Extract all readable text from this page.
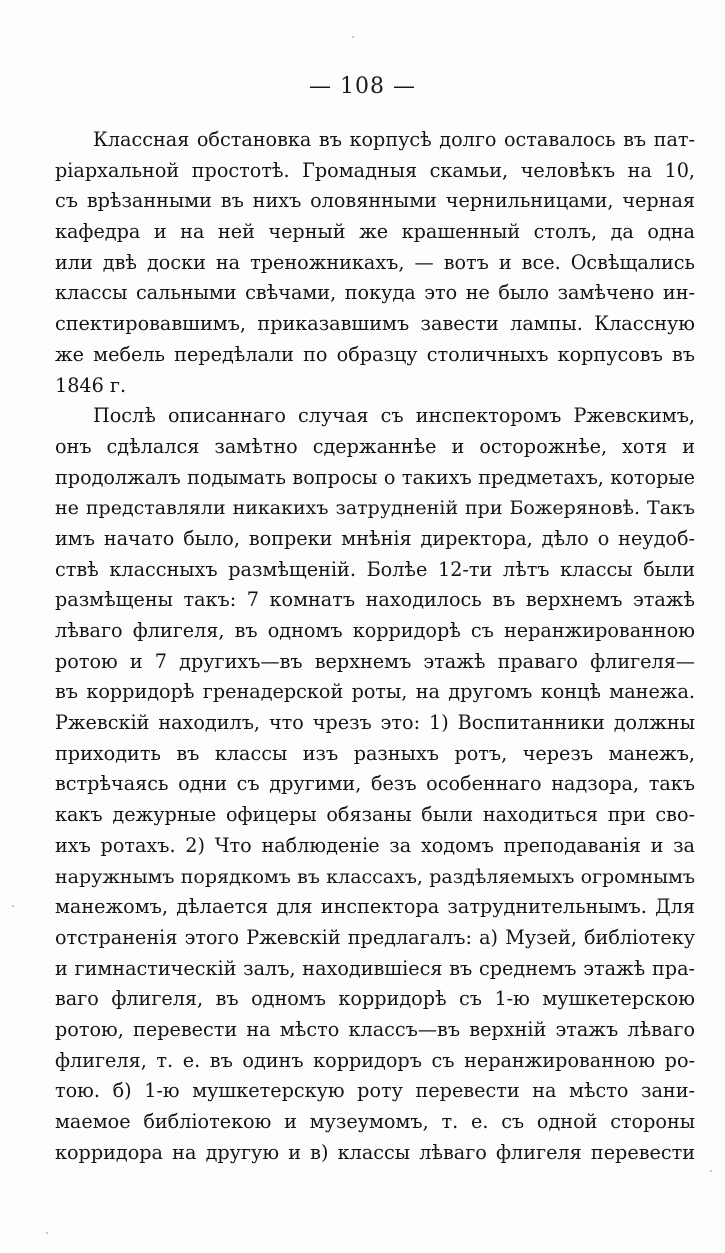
— 108 —
Классная обстановка въ корпусѣ долго оставалось въ пат-
ріархальной простотѣ. Громадныя скамьи, человѣкъ на 10,
съ врѣзанными въ нихъ оловянными чернильницами, черная
кафедра и на ней черный же крашенный столъ, да одна
или двѣ доски на треножникахъ, — вотъ и все. Освѣщались
классы сальными свѣчами, покуда это не было замѣчено ин-
спектировавшимъ, приказавшимъ завести лампы. Классную
же мебель передѣлали по образцу столичныхъ корпусовъ въ
1846 г.
Послѣ описаннаго случая съ инспекторомъ Ржевскимъ,
онъ сдѣлался замѣтно сдержаннѣе и осторожнѣе, хотя и
продолжалъ подымать вопросы о такихъ предметахъ, которые
не представляли никакихъ затрудненій при Божеряновѣ. Такъ
имъ начато было, вопреки мнѣнія директора, дѣло о неудоб-
ствѣ классныхъ размѣщеній. Болѣе 12-ти лѣтъ классы были
размѣщены такъ: 7 комнатъ находилось въ верхнемъ этажѣ
лѣваго флигеля, въ одномъ корридорѣ съ неранжированною
ротою и 7 другихъ—въ верхнемъ этажѣ праваго флигеля—
въ корридорѣ гренадерской роты, на другомъ концѣ манежа.
Ржевскій находилъ, что чрезъ это: 1) Воспитанники должны
приходить въ классы изъ разныхъ ротъ, черезъ манежъ,
встрѣчаясь одни съ другими, безъ особеннаго надзора, такъ
какъ дежурные офицеры обязаны были находиться при сво-
ихъ ротахъ. 2) Что наблюденіе за ходомъ преподаванія и за
наружнымъ порядкомъ въ классахъ, раздѣляемыхъ огромнымъ
манежомъ, дѣлается для инспектора затруднительнымъ. Для
отстраненія этого Ржевскій предлагалъ: а) Музей, библіотеку
и гимнастическій залъ, находившіеся въ среднемъ этажѣ пра-
ваго флигеля, въ одномъ корридорѣ съ 1-ю мушкетерскою
ротою, перевести на мѣсто классъ—въ верхній этажъ лѣваго
флигеля, т. е. въ одинъ корридоръ съ неранжированною ро-
тою. б) 1-ю мушкетерскую роту перевести на мѣсто зани-
маемое библіотекою и музеумомъ, т. е. съ одной стороны
корридора на другую и в) классы лѣваго флигеля перевести
